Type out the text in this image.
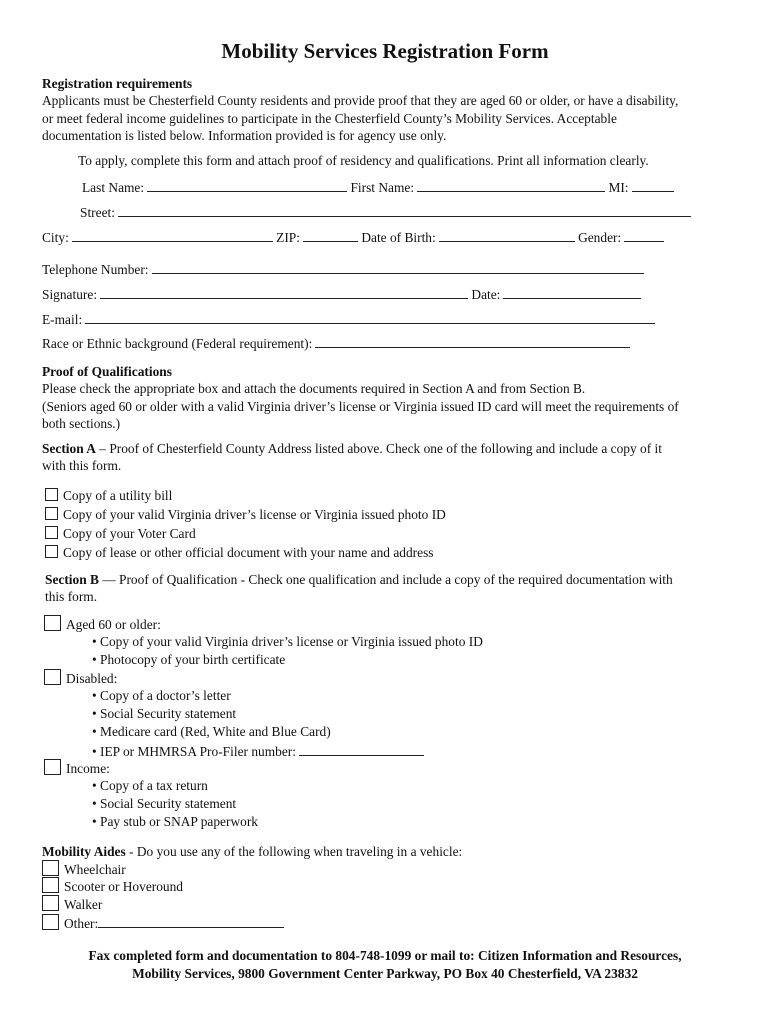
Mobility Services Registration Form
Registration requirements
Applicants must be Chesterfield County residents and provide proof that they are aged 60 or older, or have a disability,
or meet federal income guidelines to participate in the Chesterfield County’s Mobility Services. Acceptable
documentation is listed below. Information provided is for agency use only.
To apply, complete this form and attach proof of residency and qualifications. Print all information clearly.
Last Name:	First Name:	MI:
Street:
City:	ZIP:	Date of Birth:	Gender:
Telephone Number:
Signature:	Date:
E-mail:
Race or Ethnic background (Federal requirement):
Proof of Qualifications
Please check the appropriate box and attach the documents required in Section A and from Section B.
(Seniors aged 60 or older with a valid Virginia driver’s license or Virginia issued ID card will meet the requirements of
both sections.)
Section A – Proof of Chesterfield County Address listed above. Check one of the following and include a copy of it
with this form.
Copy of a utility bill
Copy of your valid Virginia driver’s license or Virginia issued photo ID
Copy of your Voter Card
Copy of lease or other official document with your name and address
Section B — Proof of Qualification - Check one qualification and include a copy of the required documentation with
this form.
Aged 60 or older:
• Copy of your valid Virginia driver’s license or Virginia issued photo ID
• Photocopy of your birth certificate
Disabled:
• Copy of a doctor’s letter
• Social Security statement
• Medicare card (Red, White and Blue Card)
• IEP or MHMRSA Pro-Filer number:
Income:
• Copy of a tax return
• Social Security statement
• Pay stub or SNAP paperwork
Mobility Aides - Do you use any of the following when traveling in a vehicle:
Wheelchair
Scooter or Hoveround
Walker
Other:
Fax completed form and documentation to 804-748-1099 or mail to: Citizen Information and Resources,
Mobility Services, 9800 Government Center Parkway, PO Box 40 Chesterfield, VA 23832
